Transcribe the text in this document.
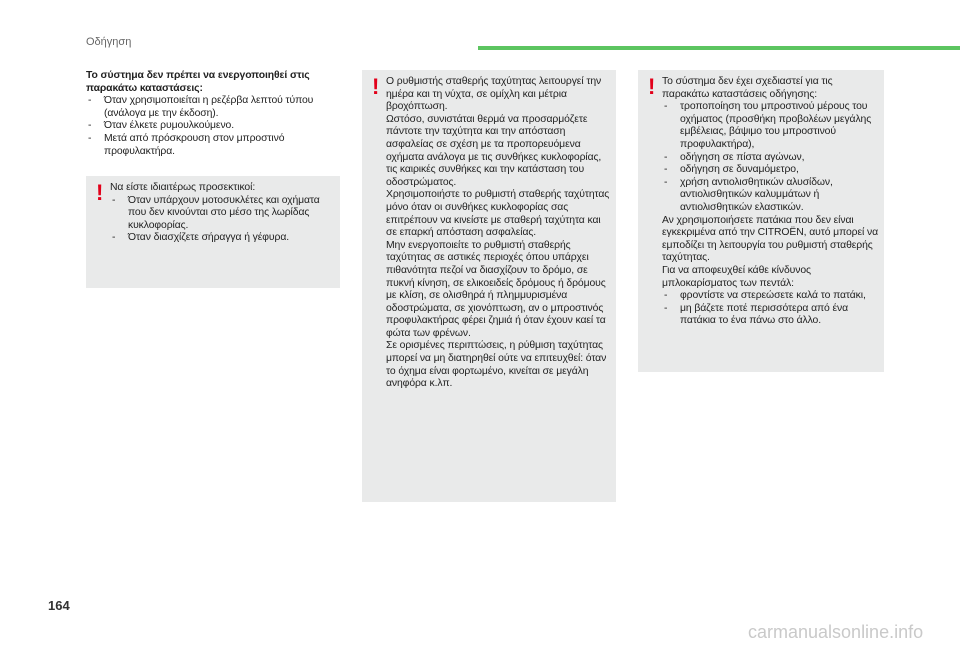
Οδήγηση

Το σύστημα δεν πρέπει να ενεργοποιηθεί στις παρακάτω καταστάσεις:

- Όταν χρησιμοποιείται η ρεζέρβα λεπτού τύπου (ανάλογα με την έκδοση).
- Όταν έλκετε ρυμουλκούμενο.
- Μετά από πρόσκρουση στον μπροστινό προφυλακτήρα.
! Να είστε ιδιαιτέρως προσεκτικοί:

- Όταν υπάρχουν μοτοσυκλέτες και οχήματα που δεν κινούνται στο μέσο της λωρίδας κυκλοφορίας.
- Όταν διασχίζετε σήραγγα ή γέφυρα.
! Ο ρυθμιστής σταθερής ταχύτητας λειτουργεί την ημέρα και τη νύχτα, σε ομίχλη και μέτρια βροχόπτωση.

Ωστόσο, συνιστάται θερμά να προσαρμόζετε πάντοτε την ταχύτητα και την απόσταση ασφαλείας σε σχέση με τα προπορευόμενα οχήματα ανάλογα με τις συνθήκες κυκλοφορίας, τις καιρικές συνθήκες και την κατάσταση του οδοστρώματος.

Χρησιμοποιήστε το ρυθμιστή σταθερής ταχύτητας μόνο όταν οι συνθήκες κυκλοφορίας σας επιτρέπουν να κινείστε με σταθερή ταχύτητα και σε επαρκή απόσταση ασφαλείας.

Μην ενεργοποιείτε το ρυθμιστή σταθερής ταχύτητας σε αστικές περιοχές όπου υπάρχει πιθανότητα πεζοί να διασχίζουν το δρόμο, σε πυκνή κίνηση, σε ελικοειδείς δρόμους ή δρόμους με κλίση, σε ολισθηρά ή πλημμυρισμένα οδοστρώματα, σε χιονόπτωση, αν ο μπροστινός προφυλακτήρας φέρει ζημιά ή όταν έχουν καεί τα φώτα των φρένων.

Σε ορισμένες περιπτώσεις, η ρύθμιση ταχύτητας μπορεί να μη διατηρηθεί ούτε να επιτευχθεί: όταν το όχημα είναι φορτωμένο, κινείται σε μεγάλη ανηφόρα κ.λπ.

! Το σύστημα δεν έχει σχεδιαστεί για τις παρακάτω καταστάσεις οδήγησης:

- τροποποίηση του μπροστινού μέρους του οχήματος (προσθήκη προβολέων μεγάλης εμβέλειας, βάψιμο του μπροστινού προφυλακτήρα),
- οδήγηση σε πίστα αγώνων,
- οδήγηση σε δυναμόμετρο,
- χρήση αντιολισθητικών αλυσίδων, αντιολισθητικών καλυμμάτων ή αντιολισθητικών ελαστικών.

Αν χρησιμοποιήσετε πατάκια που δεν είναι εγκεκριμένα από την CITROËN, αυτό μπορεί να εμποδίζει τη λειτουργία του ρυθμιστή σταθερής ταχύτητας.

Για να αποφευχθεί κάθε κίνδυνος μπλοκαρίσματος των πεντάλ:

- φροντίστε να στερεώσετε καλά το πατάκι,
- μη βάζετε ποτέ περισσότερα από ένα πατάκια το ένα πάνω στο άλλο.
164
carmanualsonline.info
